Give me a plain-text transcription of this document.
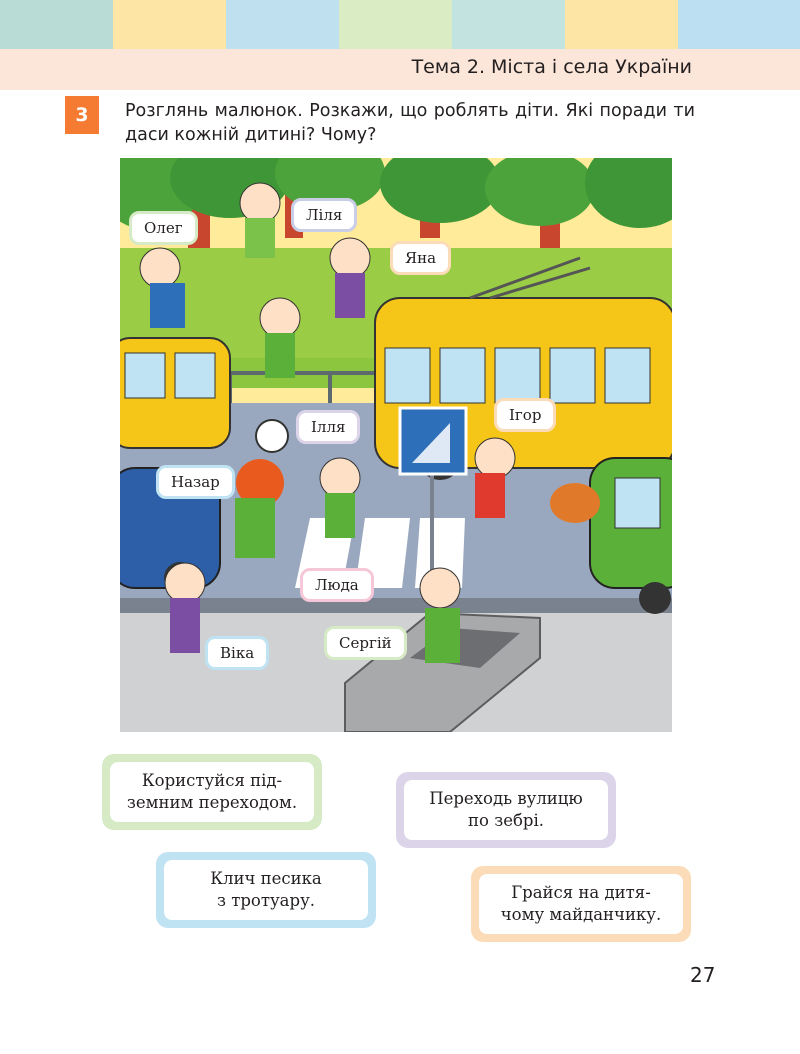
Тема 2. Міста і села України
3	Розглянь малюнок. Розкажи, що роблять діти. Які поради ти даси кожній дитині? Чому?
Олег
Ліля
Яна
Ілля
Ігор
Назар
Люда
Сергій
Віка
Користуйся під-
земним переходом.	Переходь вулицю
по зебрі.
Клич песика
з тротуару.	Грайся на дитя-
чому майданчику.
27
